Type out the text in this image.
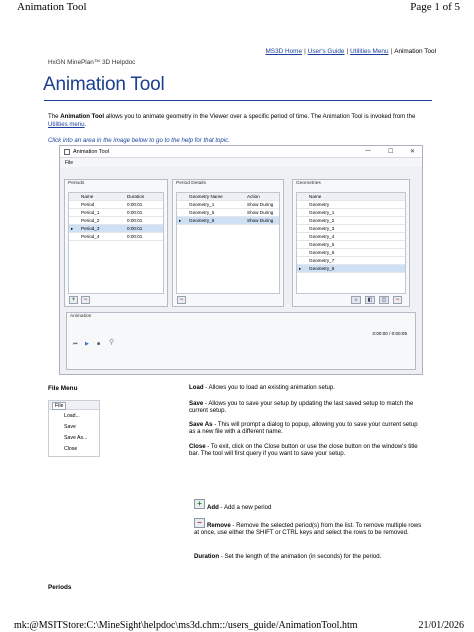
Animation Tool	Page 1 of 5
MS3D Home | User's Guide | Utilities Menu | Animation Tool
HxGN MinePlan™ 3D Helpdoc
Animation Tool

The Animation Tool allows you to animate geometry in the Viewer over a specific period of time. The Animation Tool is invoked from the Utilities menu.

Click into an area in the image below to go to the help for that topic.
Animation Tool	—	☐	✕
File
Periods
Name	Duration
Period	0:00:01
Period_1	0:00:01
Period_2	0:00:01
▸ Period_3	0:00:01
Period_4	0:00:01
+	−
Period Details
Geometry Name	Action
Geometry_1	Show During
Geometry_5	Show During
▸ Geometry_8	Show During
−
Geometries
Name
Geometry
Geometry_1
Geometry_2
Geometry_3
Geometry_4
Geometry_5
Geometry_6
Geometry_7
▸ Geometry_8
⌕	◧	◫	−
Animation
0:00:00 / 0:00:05
⏮ ▶ ■ ⚲
File Menu
File
Load...
Save
Save As...
Close

Load - Allows you to load an existing animation setup.

Save - Allows you to save your setup by updating the last saved setup to match the current setup.

Save As - This will prompt a dialog to popup, allowing you to save your current setup as a new file with a different name.

Close - To exit, click on the Close button or use the close button on the window's title bar. The tool will first query if you want to save your setup.

+ Add - Add a new period

− Remove - Remove the selected period(s) from the list. To remove multiple rows at once, use either the SHIFT or CTRL keys and select the rows to be removed.

Duration - Set the length of the animation (in seconds) for the period.

Periods
mk:@MSITStore:C:\MineSight\helpdoc\ms3d.chm::/users_guide/AnimationTool.htm	21/01/2026
